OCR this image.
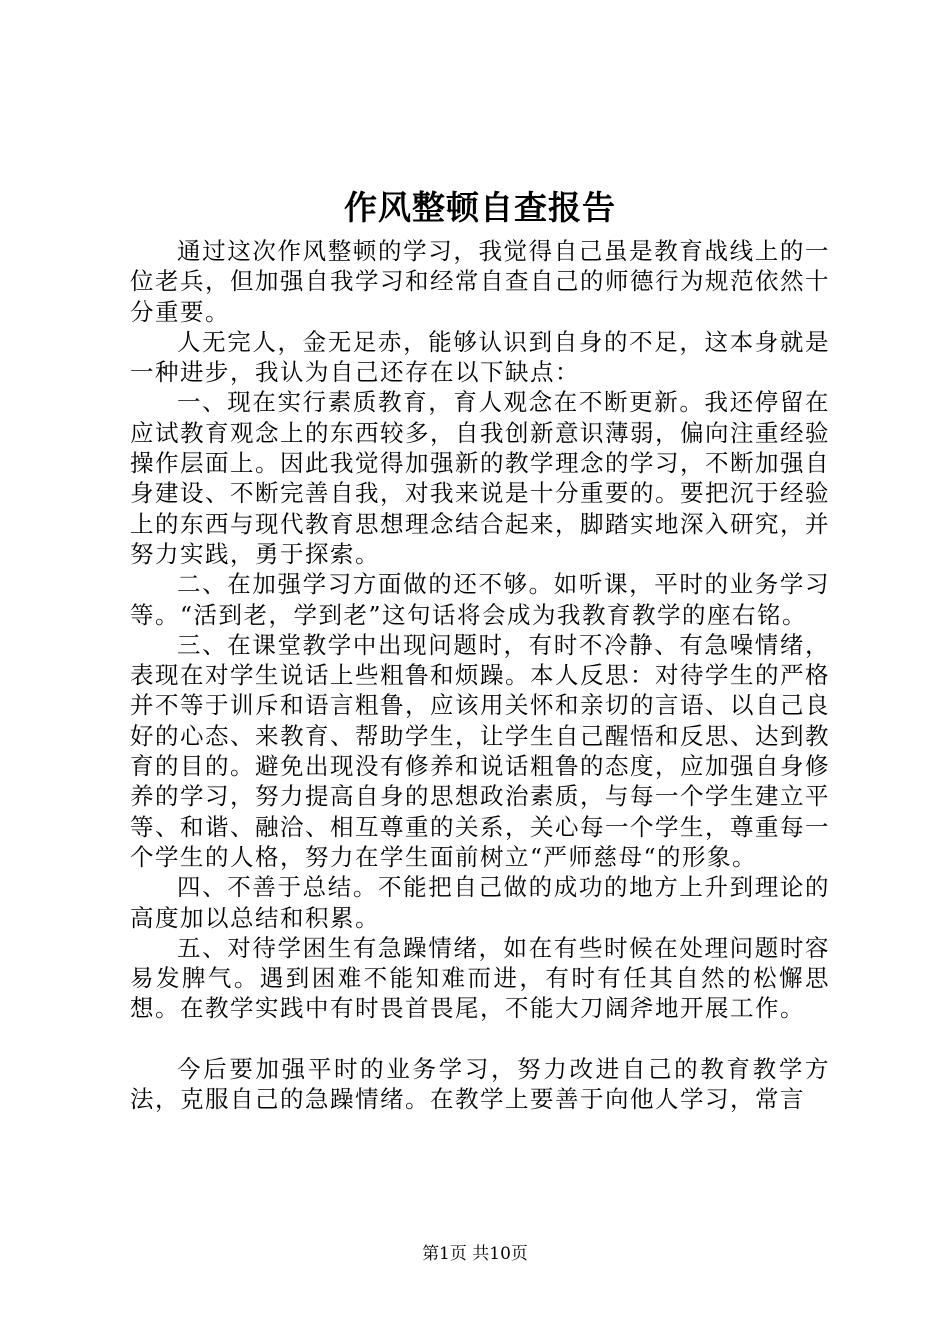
作风整顿自查报告

通过这次作风整顿的学习，我觉得自己虽是教育战线上的一位老兵，但加强自我学习和经常自查自己的师德行为规范依然十分重要。

人无完人，金无足赤，能够认识到自身的不足，这本身就是一种进步，我认为自己还存在以下缺点：

一、现在实行素质教育，育人观念在不断更新。我还停留在应试教育观念上的东西较多，自我创新意识薄弱，偏向注重经验操作层面上。因此我觉得加强新的教学理念的学习，不断加强自身建设、不断完善自我，对我来说是十分重要的。要把沉于经验上的东西与现代教育思想理念结合起来，脚踏实地深入研究，并努力实践，勇于探索。

二、在加强学习方面做的还不够。如听课，平时的业务学习等。“活到老，学到老”这句话将会成为我教育教学的座右铭。

三、在课堂教学中出现问题时，有时不冷静、有急噪情绪，表现在对学生说话上些粗鲁和烦躁。本人反思：对待学生的严格并不等于训斥和语言粗鲁，应该用关怀和亲切的言语、以自己良好的心态、来教育、帮助学生，让学生自己醒悟和反思、达到教育的目的。避免出现没有修养和说话粗鲁的态度，应加强自身修养的学习，努力提高自身的思想政治素质，与每一个学生建立平等、和谐、融洽、相互尊重的关系，关心每一个学生，尊重每一个学生的人格，努力在学生面前树立“严师慈母“的形象。

四、不善于总结。不能把自己做的成功的地方上升到理论的高度加以总结和积累。

五、对待学困生有急躁情绪，如在有些时候在处理问题时容易发脾气。遇到困难不能知难而进，有时有任其自然的松懈思想。在教学实践中有时畏首畏尾，不能大刀阔斧地开展工作。

今后要加强平时的业务学习，努力改进自己的教育教学方法，克服自己的急躁情绪。在教学上要善于向他人学习，常言

第1页 共10页
